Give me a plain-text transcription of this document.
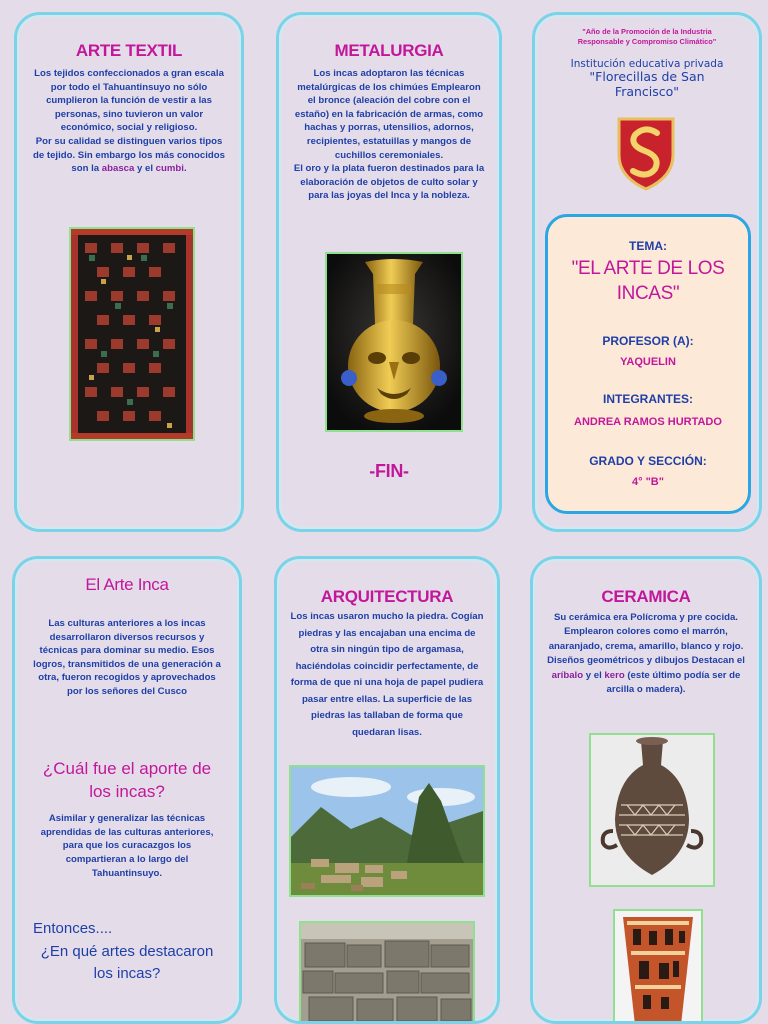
ARTE TEXTIL
Los tejidos confeccionados a gran escala por todo el Tahuantinsuyo no sólo cumplieron la función de vestir a las personas, sino tuvieron un valor económico, social y religioso.
Por su calidad se distinguen varios tipos de tejido. Sin embargo los más conocidos son la abasca y el cumbi.
METALURGIA
Los incas adoptaron las técnicas metalúrgicas de los chimúes Emplearon el bronce (aleación del cobre con el estaño) en la fabricación de armas, como hachas y porras, utensilios, adornos, recipientes, estatuillas y mangos de cuchillos ceremoniales.
El oro y la plata fueron destinados para la elaboración de objetos de culto solar y para las joyas del Inca y la nobleza.
-FIN-
"Año de la Promoción de la Industria Responsable y Compromiso Climático"
Institución educativa privada
"Florecillas de San Francisco"
TEMA:
"EL ARTE DE LOS INCAS"
PROFESOR (A):
YAQUELIN
INTEGRANTES:
ANDREA RAMOS HURTADO
GRADO Y SECCIÓN:
4° "B"
El Arte Inca
Las culturas anteriores a los incas desarrollaron diversos recursos y técnicas para dominar su medio. Esos logros, transmitidos de una generación a otra, fueron recogidos y aprovechados por los señores del Cusco
¿Cuál fue el aporte de los incas?
Asimilar y generalizar las técnicas aprendidas de las culturas anteriores, para que los curacazgos los compartieran a lo largo del Tahuantinsuyo.
Entonces....
¿En qué artes destacaron los incas?
ARQUITECTURA
Los incas usaron mucho la piedra. Cogían piedras y las encajaban una encima de otra sin ningún tipo de argamasa, haciéndolas coincidir perfectamente, de forma de que ni una hoja de papel pudiera pasar entre ellas. La superficie de las piedras las tallaban de forma que quedaran lisas.
CERAMICA
Su cerámica era Polícroma y pre cocida. Emplearon colores como el marrón, anaranjado, crema, amarillo, blanco y rojo.
Diseños geométricos y dibujos Destacan el aríbalo y el kero (este último podía ser de arcilla o madera).
